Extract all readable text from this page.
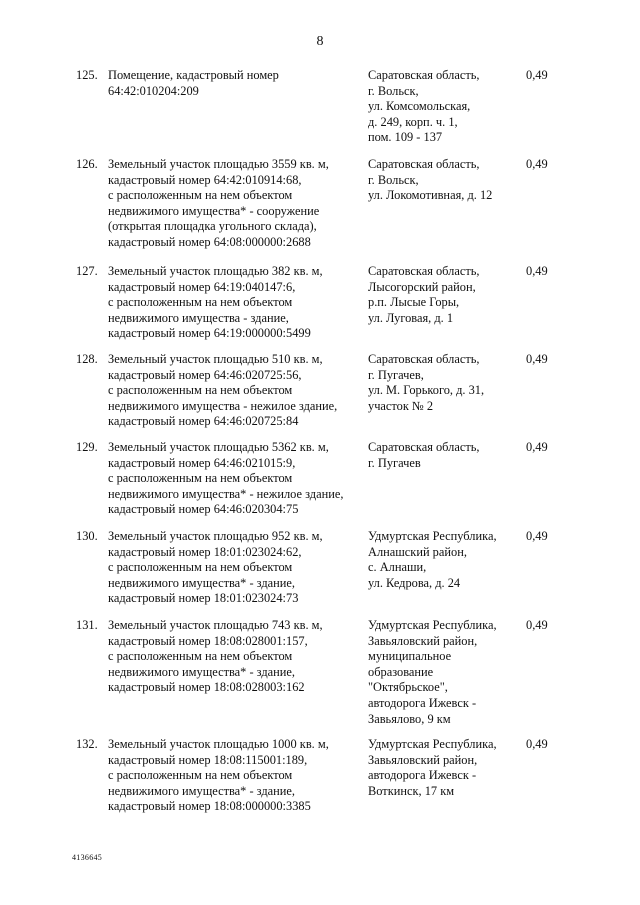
8
125. Помещение, кадастровый номер
64:42:010204:209
Саратовская область,
г. Вольск,
ул. Комсомольская,
д. 249, корп. ч. 1,
пом. 109 - 137
0,49
126. Земельный участок площадью 3559 кв. м,
кадастровый номер 64:42:010914:68,
с расположенным на нем объектом
недвижимого имущества* - сооружение
(открытая площадка угольного склада),
кадастровый номер 64:08:000000:2688
Саратовская область,
г. Вольск,
ул. Локомотивная, д. 12
0,49
127. Земельный участок площадью 382 кв. м,
кадастровый номер 64:19:040147:6,
с расположенным на нем объектом
недвижимого имущества - здание,
кадастровый номер 64:19:000000:5499
Саратовская область,
Лысогорский район,
р.п. Лысые Горы,
ул. Луговая, д. 1
0,49
128. Земельный участок площадью 510 кв. м,
кадастровый номер 64:46:020725:56,
с расположенным на нем объектом
недвижимого имущества - нежилое здание,
кадастровый номер 64:46:020725:84
Саратовская область,
г. Пугачев,
ул. М. Горького, д. 31,
участок № 2
0,49
129. Земельный участок площадью 5362 кв. м,
кадастровый номер 64:46:021015:9,
с расположенным на нем объектом
недвижимого имущества* - нежилое здание,
кадастровый номер 64:46:020304:75
Саратовская область,
г. Пугачев
0,49
130. Земельный участок площадью 952 кв. м,
кадастровый номер 18:01:023024:62,
с расположенным на нем объектом
недвижимого имущества* - здание,
кадастровый номер 18:01:023024:73
Удмуртская Республика,
Алнашский район,
с. Алнаши,
ул. Кедрова, д. 24
0,49
131. Земельный участок площадью 743 кв. м,
кадастровый номер 18:08:028001:157,
с расположенным на нем объектом
недвижимого имущества* - здание,
кадастровый номер 18:08:028003:162
Удмуртская Республика,
Завьяловский район,
муниципальное
образование
"Октябрьское",
автодорога Ижевск -
Завьялово, 9 км
0,49
132. Земельный участок площадью 1000 кв. м,
кадастровый номер 18:08:115001:189,
с расположенным на нем объектом
недвижимого имущества* - здание,
кадастровый номер 18:08:000000:3385
Удмуртская Республика,
Завьяловский район,
автодорога Ижевск -
Воткинск, 17 км
0,49
4136645
